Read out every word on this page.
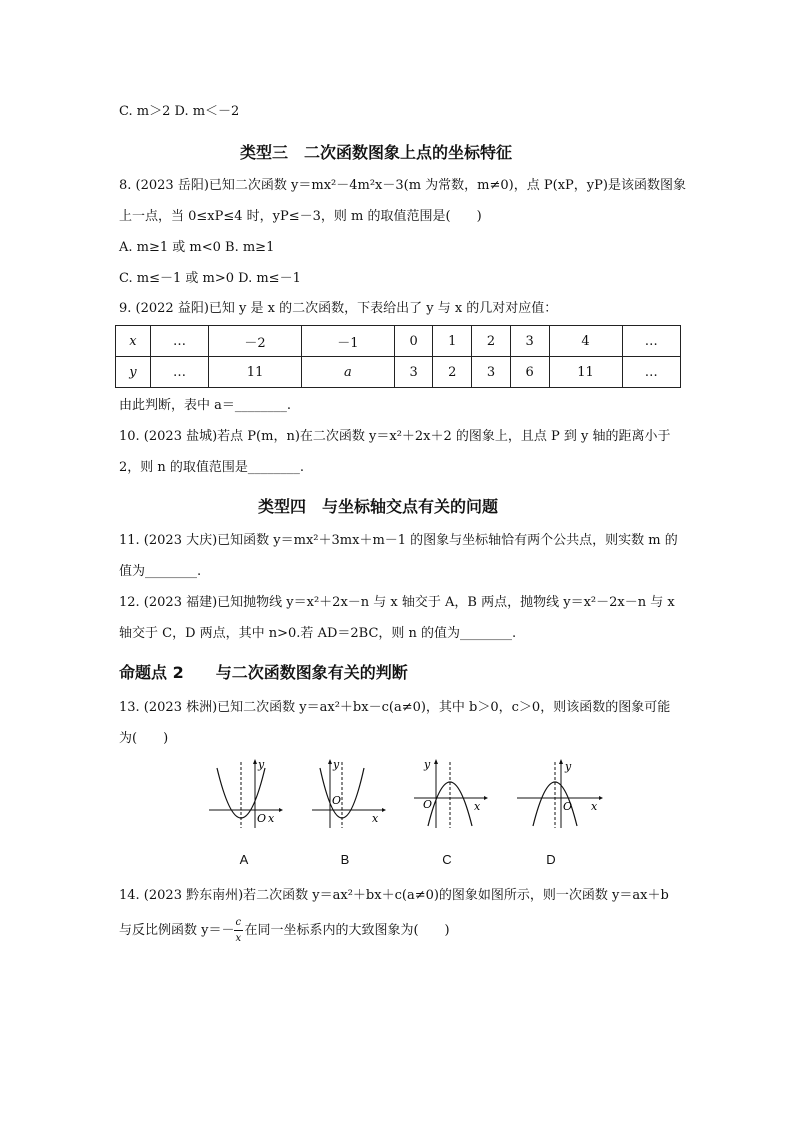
C. m＞2 D. m＜－2
类型三　二次函数图象上点的坐标特征
8. (2023 岳阳)已知二次函数 y＝mx²－4m²x－3(m 为常数，m≠0)，点 P(xP，yP)是该函数图象
上一点，当 0≤xP≤4 时，yP≤－3，则 m 的取值范围是(　　)
A. m≥1 或 m<0 B. m≥1
C. m≤－1 或 m>0 D. m≤－1
9. (2022 益阳)已知 y 是 x 的二次函数，下表给出了 y 与 x 的几对对应值：
x	…	－2	－1	0	1	2	3	4	…
y	…	11	a	3	2	3	6	11	…
由此判断，表中 a＝________.
10. (2023 盐城)若点 P(m，n)在二次函数 y＝x²＋2x＋2 的图象上，且点 P 到 y 轴的距离小于
2，则 n 的取值范围是________.
类型四　与坐标轴交点有关的问题
11. (2023 大庆)已知函数 y＝mx²＋3mx＋m－1 的图象与坐标轴恰有两个公共点，则实数 m 的
值为________.
12. (2023 福建)已知抛物线 y＝x²＋2x－n 与 x 轴交于 A，B 两点，抛物线 y＝x²－2x－n 与 x
轴交于 C，D 两点，其中 n>0.若 AD＝2BC，则 n 的值为________.
命题点 2　　与二次函数图象有关的判断
13. (2023 株洲)已知二次函数 y＝ax²＋bx－c(a≠0)，其中 b＞0，c＞0，则该函数的图象可能
为(　　)
y
x
O
A
y
x
O
B
y
x
O
C
y
x
O
D
14. (2023 黔东南州)若二次函数 y＝ax²＋bx＋c(a≠0)的图象如图所示，则一次函数 y＝ax＋b
与反比例函数 $y=- \frac{c}{x}$ 在同一坐标系内的大致图象为(　　)
